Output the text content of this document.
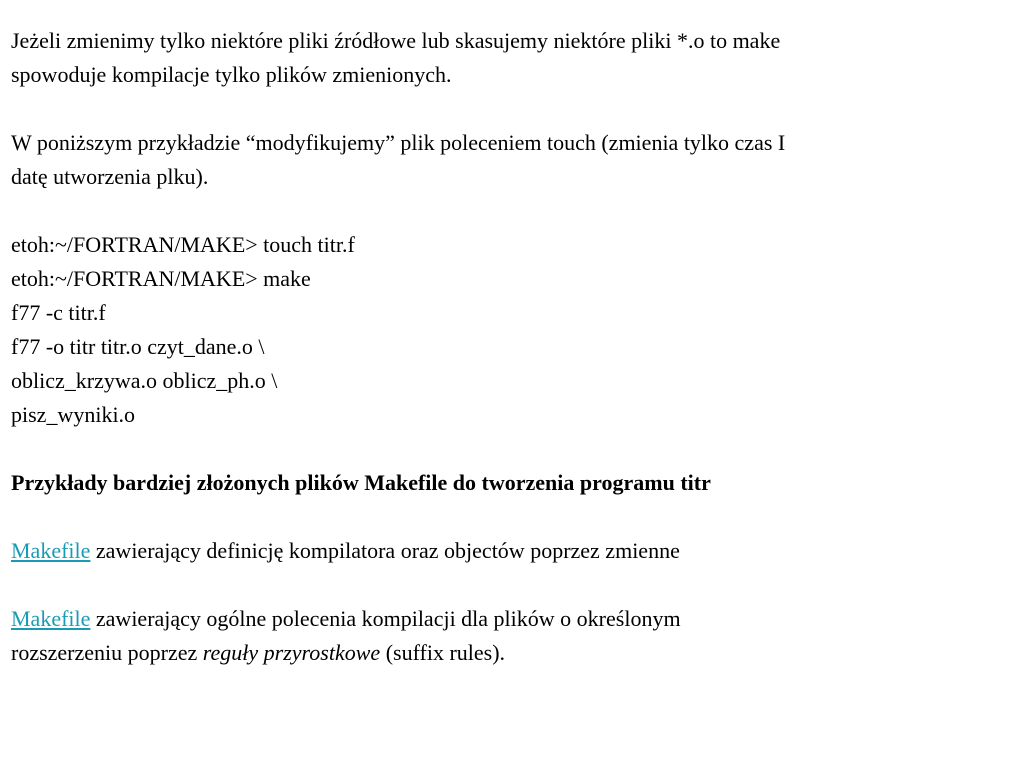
Jeżeli zmienimy tylko niektóre pliki źródłowe lub skasujemy niektóre pliki *.o to make
spowoduje kompilacje tylko plików zmienionych.
W poniższym przykładzie “modyfikujemy” plik poleceniem touch (zmienia tylko czas I
datę utworzenia plku).
etoh:~/FORTRAN/MAKE> touch titr.f
etoh:~/FORTRAN/MAKE> make
f77 -c titr.f
f77 -o titr titr.o czyt_dane.o \
oblicz_krzywa.o oblicz_ph.o \
pisz_wyniki.o
Przykłady bardziej złożonych plików Makefile do tworzenia programu titr
Makefile zawierający definicję kompilatora oraz objectów poprzez zmienne
Makefile zawierający ogólne polecenia kompilacji dla plików o określonym
rozszerzeniu poprzez reguły przyrostkowe (suffix rules).
